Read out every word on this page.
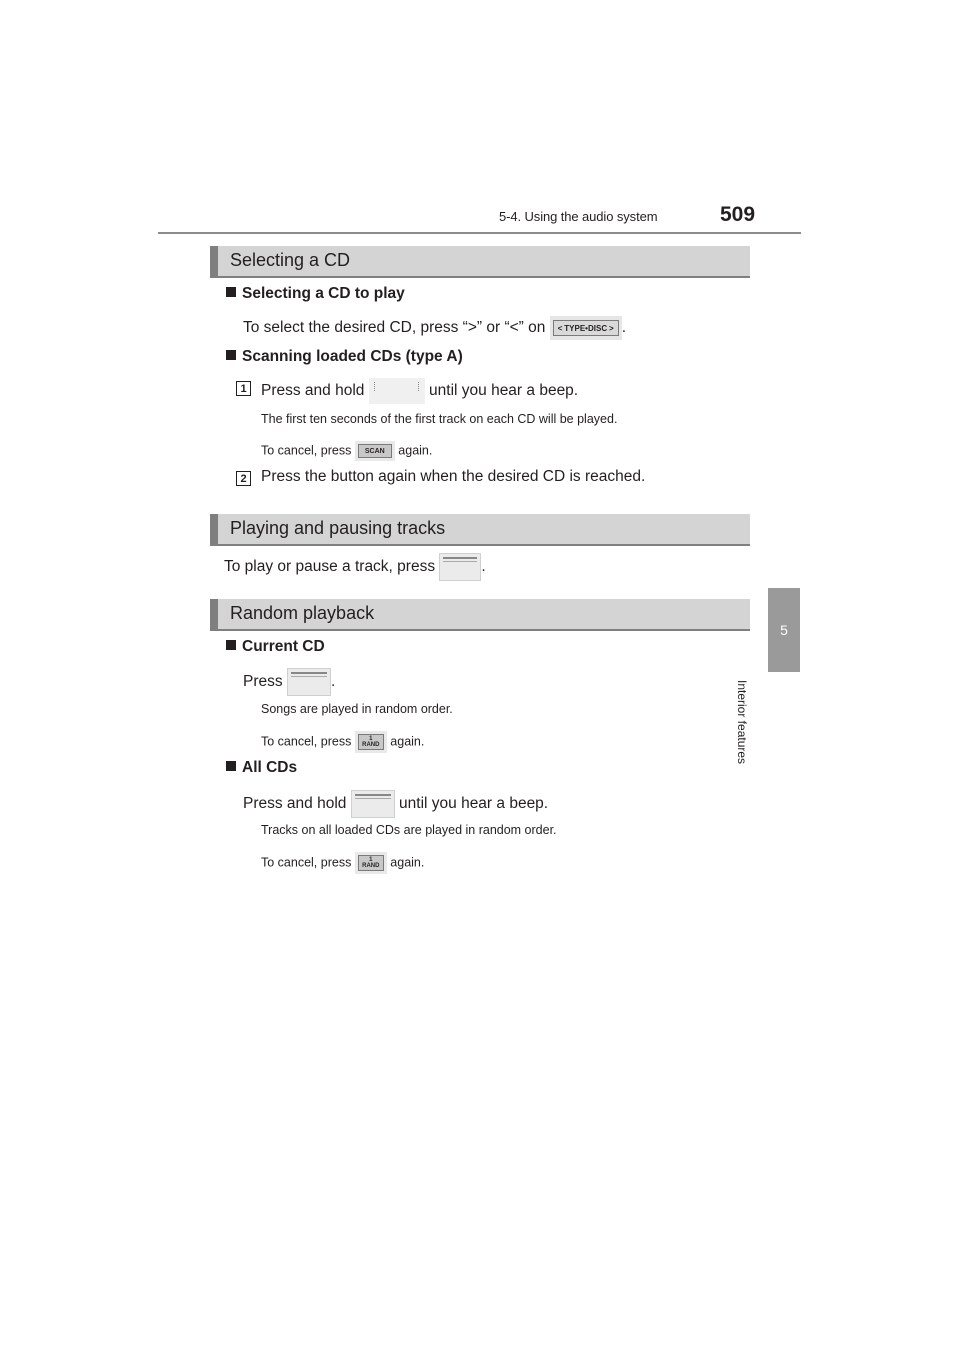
5-4. Using the audio system	509
5
Interior features
Selecting a CD
Selecting a CD to play
To select the desired CD, press “>” or “<” on < TYPE•DISC > .
Scanning loaded CDs (type A)
1 Press and hold	until you hear a beep.
The first ten seconds of the first track on each CD will be played.
To cancel, press	SCAN	again.
2 Press the button again when the desired CD is reached.
Playing and pausing tracks
To play or pause a track, press	.
Random playback
Current CD
Press	.
Songs are played in random order.
To cancel, press	1
RAND again.
All CDs
Press and hold	until you hear a beep.
Tracks on all loaded CDs are played in random order.
To cancel, press	1
RAND again.
